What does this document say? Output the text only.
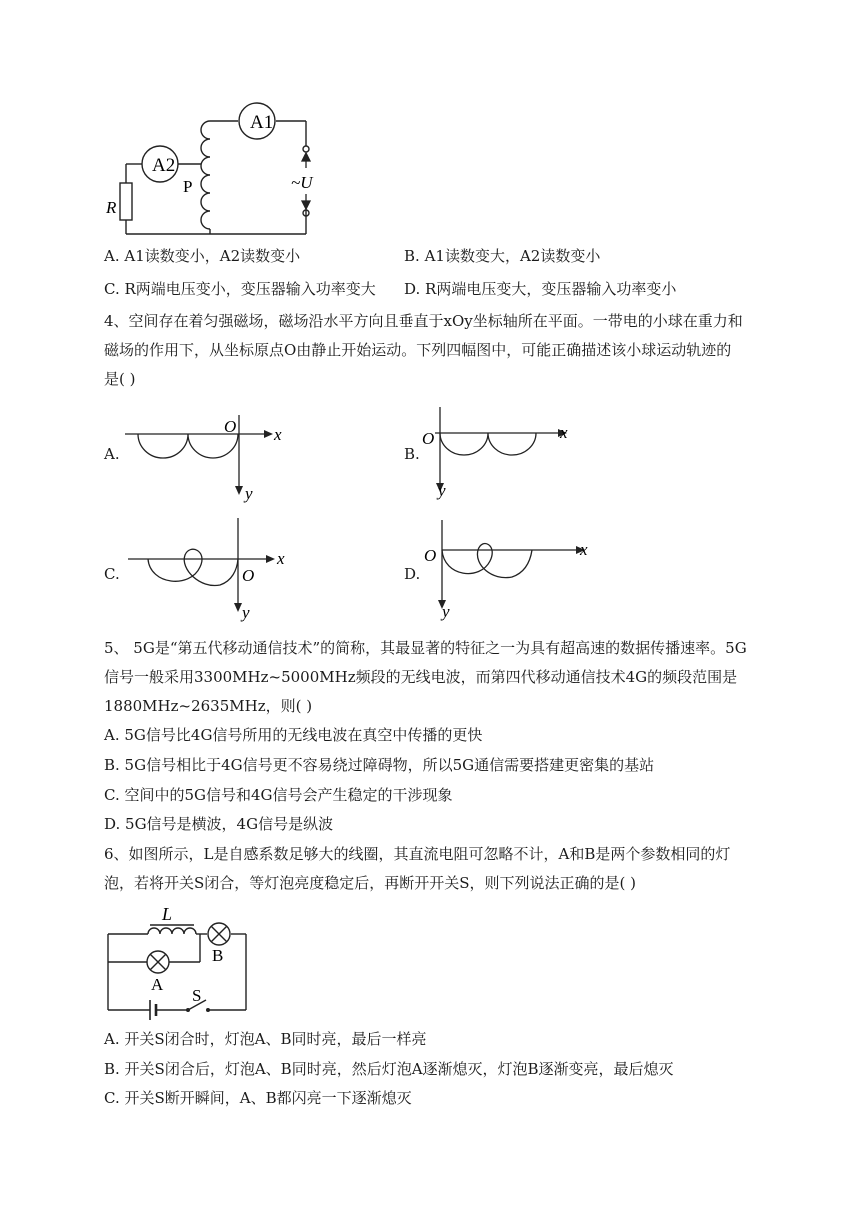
A1
A2
P
R
~U
A. A1读数变小，A2读数变小	B. A1读数变大，A2读数变小
C. R两端电压变小，变压器输入功率变大 D. R两端电压变大，变压器输入功率变小
4、空间存在着匀强磁场，磁场沿水平方向且垂直于xOy坐标轴所在平面。一带电的小球在重力和
磁场的作用下，从坐标原点O由静止开始运动。下列四幅图中，可能正确描述该小球运动轨迹的
是( )
A.
O x
y
B.
O	x
y
C.	O
x
y
D.
O	x
y
5、 5G是“第五代移动通信技术”的简称，其最显著的特征之一为具有超高速的数据传播速率。5G
信号一般采用3300MHz~5000MHz频段的无线电波，而第四代移动通信技术4G的频段范围是
1880MHz~2635MHz，则( )
A. 5G信号比4G信号所用的无线电波在真空中传播的更快
B. 5G信号相比于4G信号更不容易绕过障碍物，所以5G通信需要搭建更密集的基站
C. 空间中的5G信号和4G信号会产生稳定的干涉现象
D. 5G信号是横波，4G信号是纵波
6、如图所示，L是自感系数足够大的线圈，其直流电阻可忽略不计，A和B是两个参数相同的灯
泡，若将开关S闭合，等灯泡亮度稳定后，再断开开关S，则下列说法正确的是( )
L
B
A
S
A. 开关S闭合时，灯泡A、B同时亮，最后一样亮
B. 开关S闭合后，灯泡A、B同时亮，然后灯泡A逐渐熄灭，灯泡B逐渐变亮，最后熄灭
C. 开关S断开瞬间，A、B都闪亮一下逐渐熄灭
